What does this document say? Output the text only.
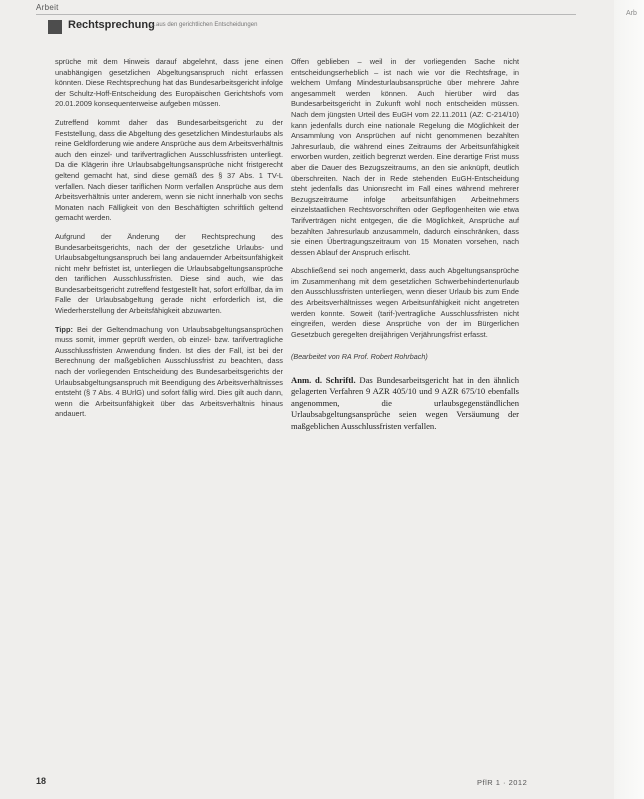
Arbeit
Rechtsprechung
…aus den gerichtlichen Entscheidungen

sprüche mit dem Hinweis darauf abgelehnt, dass jene einen unabhängigen gesetzlichen Abgeltungsanspruch nicht erfassen könnten. Diese Rechtsprechung hat das Bundesarbeitsgericht infolge der Schultz-Hoff-Entscheidung des Europäischen Gerichtshofs vom 20.01.2009 konsequenterweise aufgeben müssen.

Zutreffend kommt daher das Bundesarbeitsgericht zu der Feststellung, dass die Abgeltung des gesetzlichen Mindesturlaubs als reine Geldforderung wie andere Ansprüche aus dem Arbeitsverhältnis auch den einzel- und tarifvertraglichen Ausschlussfristen unterliegt. Da die Klägerin ihre Urlaubsabgeltungsansprüche nicht fristgerecht geltend gemacht hat, sind diese gemäß des § 37 Abs. 1 TV-L verfallen. Nach dieser tariflichen Norm verfallen Ansprüche aus dem Arbeitsverhältnis unter anderem, wenn sie nicht innerhalb von sechs Monaten nach Fälligkeit von den Beschäftigten schriftlich geltend gemacht werden.

Aufgrund der Änderung der Rechtsprechung des Bundesarbeitsgerichts, nach der der gesetzliche Urlaubs- und Urlaubsabgeltungsanspruch bei lang andauernder Arbeitsunfähigkeit nicht mehr befristet ist, unterliegen die Urlaubsabgeltungsansprüche den tariflichen Ausschlussfristen. Diese sind auch, wie das Bundesarbeitsgericht zutreffend festgestellt hat, sofort erfüllbar, da im Falle der Urlaubsabgeltung gerade nicht erforderlich ist, die Wiederherstellung der Arbeitsfähigkeit abzuwarten.

Tipp: Bei der Geltendmachung von Urlaubsabgeltungsansprüchen muss somit, immer geprüft werden, ob einzel- bzw. tarifvertragliche Ausschlussfristen Anwendung finden. Ist dies der Fall, ist bei der Berechnung der maßgeblichen Ausschlussfrist zu beachten, dass nach der vorliegenden Entscheidung des Bundesarbeitsgerichts der Urlaubsabgeltungsanspruch mit Beendigung des Arbeitsverhältnisses entsteht (§ 7 Abs. 4 BUrlG) und sofort fällig wird. Dies gilt auch dann, wenn die Arbeitsunfähigkeit über das Arbeitsverhältnis hinaus andauert.

Offen geblieben – weil in der vorliegenden Sache nicht entscheidungserheblich – ist nach wie vor die Rechtsfrage, in welchem Umfang Mindesturlaubsansprüche über mehrere Jahre angesammelt werden können. Auch hierüber wird das Bundesarbeitsgericht in Zukunft wohl noch entscheiden müssen. Nach dem jüngsten Urteil des EuGH vom 22.11.2011 (AZ: C-214/10) kann jedenfalls durch eine nationale Regelung die Möglichkeit der Ansammlung von Ansprüchen auf nicht genommenen bezahlten Jahresurlaub, die während eines Zeitraums der Arbeitsunfähigkeit erworben wurden, zeitlich begrenzt werden. Eine derartige Frist muss aber die Dauer des Bezugszeitraums, an den sie anknüpft, deutlich überschreiten. Nach der in Rede stehenden EuGH-Entscheidung steht jedenfalls das Unionsrecht im Fall eines während mehrerer Bezugszeiträume infolge arbeitsunfähigen Arbeitnehmers einzelstaatlichen Rechtsvorschriften oder Gepflogenheiten wie etwa Tarifverträgen nicht entgegen, die die Möglichkeit, Ansprüche auf bezahlten Jahresurlaub anzusammeln, dadurch einschränken, dass sie einen Übertragungszeitraum von 15 Monaten vorsehen, nach dessen Ablauf der Anspruch erlischt.

Abschließend sei noch angemerkt, dass auch Abgeltungsansprüche im Zusammenhang mit dem gesetzlichen Schwerbehindertenurlaub den Ausschlussfristen unterliegen, wenn dieser Urlaub bis zum Ende des Arbeitsverhältnisses wegen Arbeitsunfähigkeit nicht angetreten werden konnte. Soweit (tarif-)vertragliche Ausschlussfristen nicht eingreifen, werden diese Ansprüche von der im Bürgerlichen Gesetzbuch geregelten dreijährigen Verjährungsfrist erfasst.

(Bearbeitet von RA Prof. Robert Rohrbach)

Anm. d. Schriftl. Das Bundesarbeitsgericht hat in den ähnlich gelagerten Verfahren 9 AZR 405/10 und 9 AZR 675/10 ebenfalls angenommen, die urlaubsgegenständlichen Urlaubsabgeltungsansprüche seien wegen Versäumung der maßgeblichen Ausschlussfristen verfallen.

18	PflR 1 · 2012
Arb
